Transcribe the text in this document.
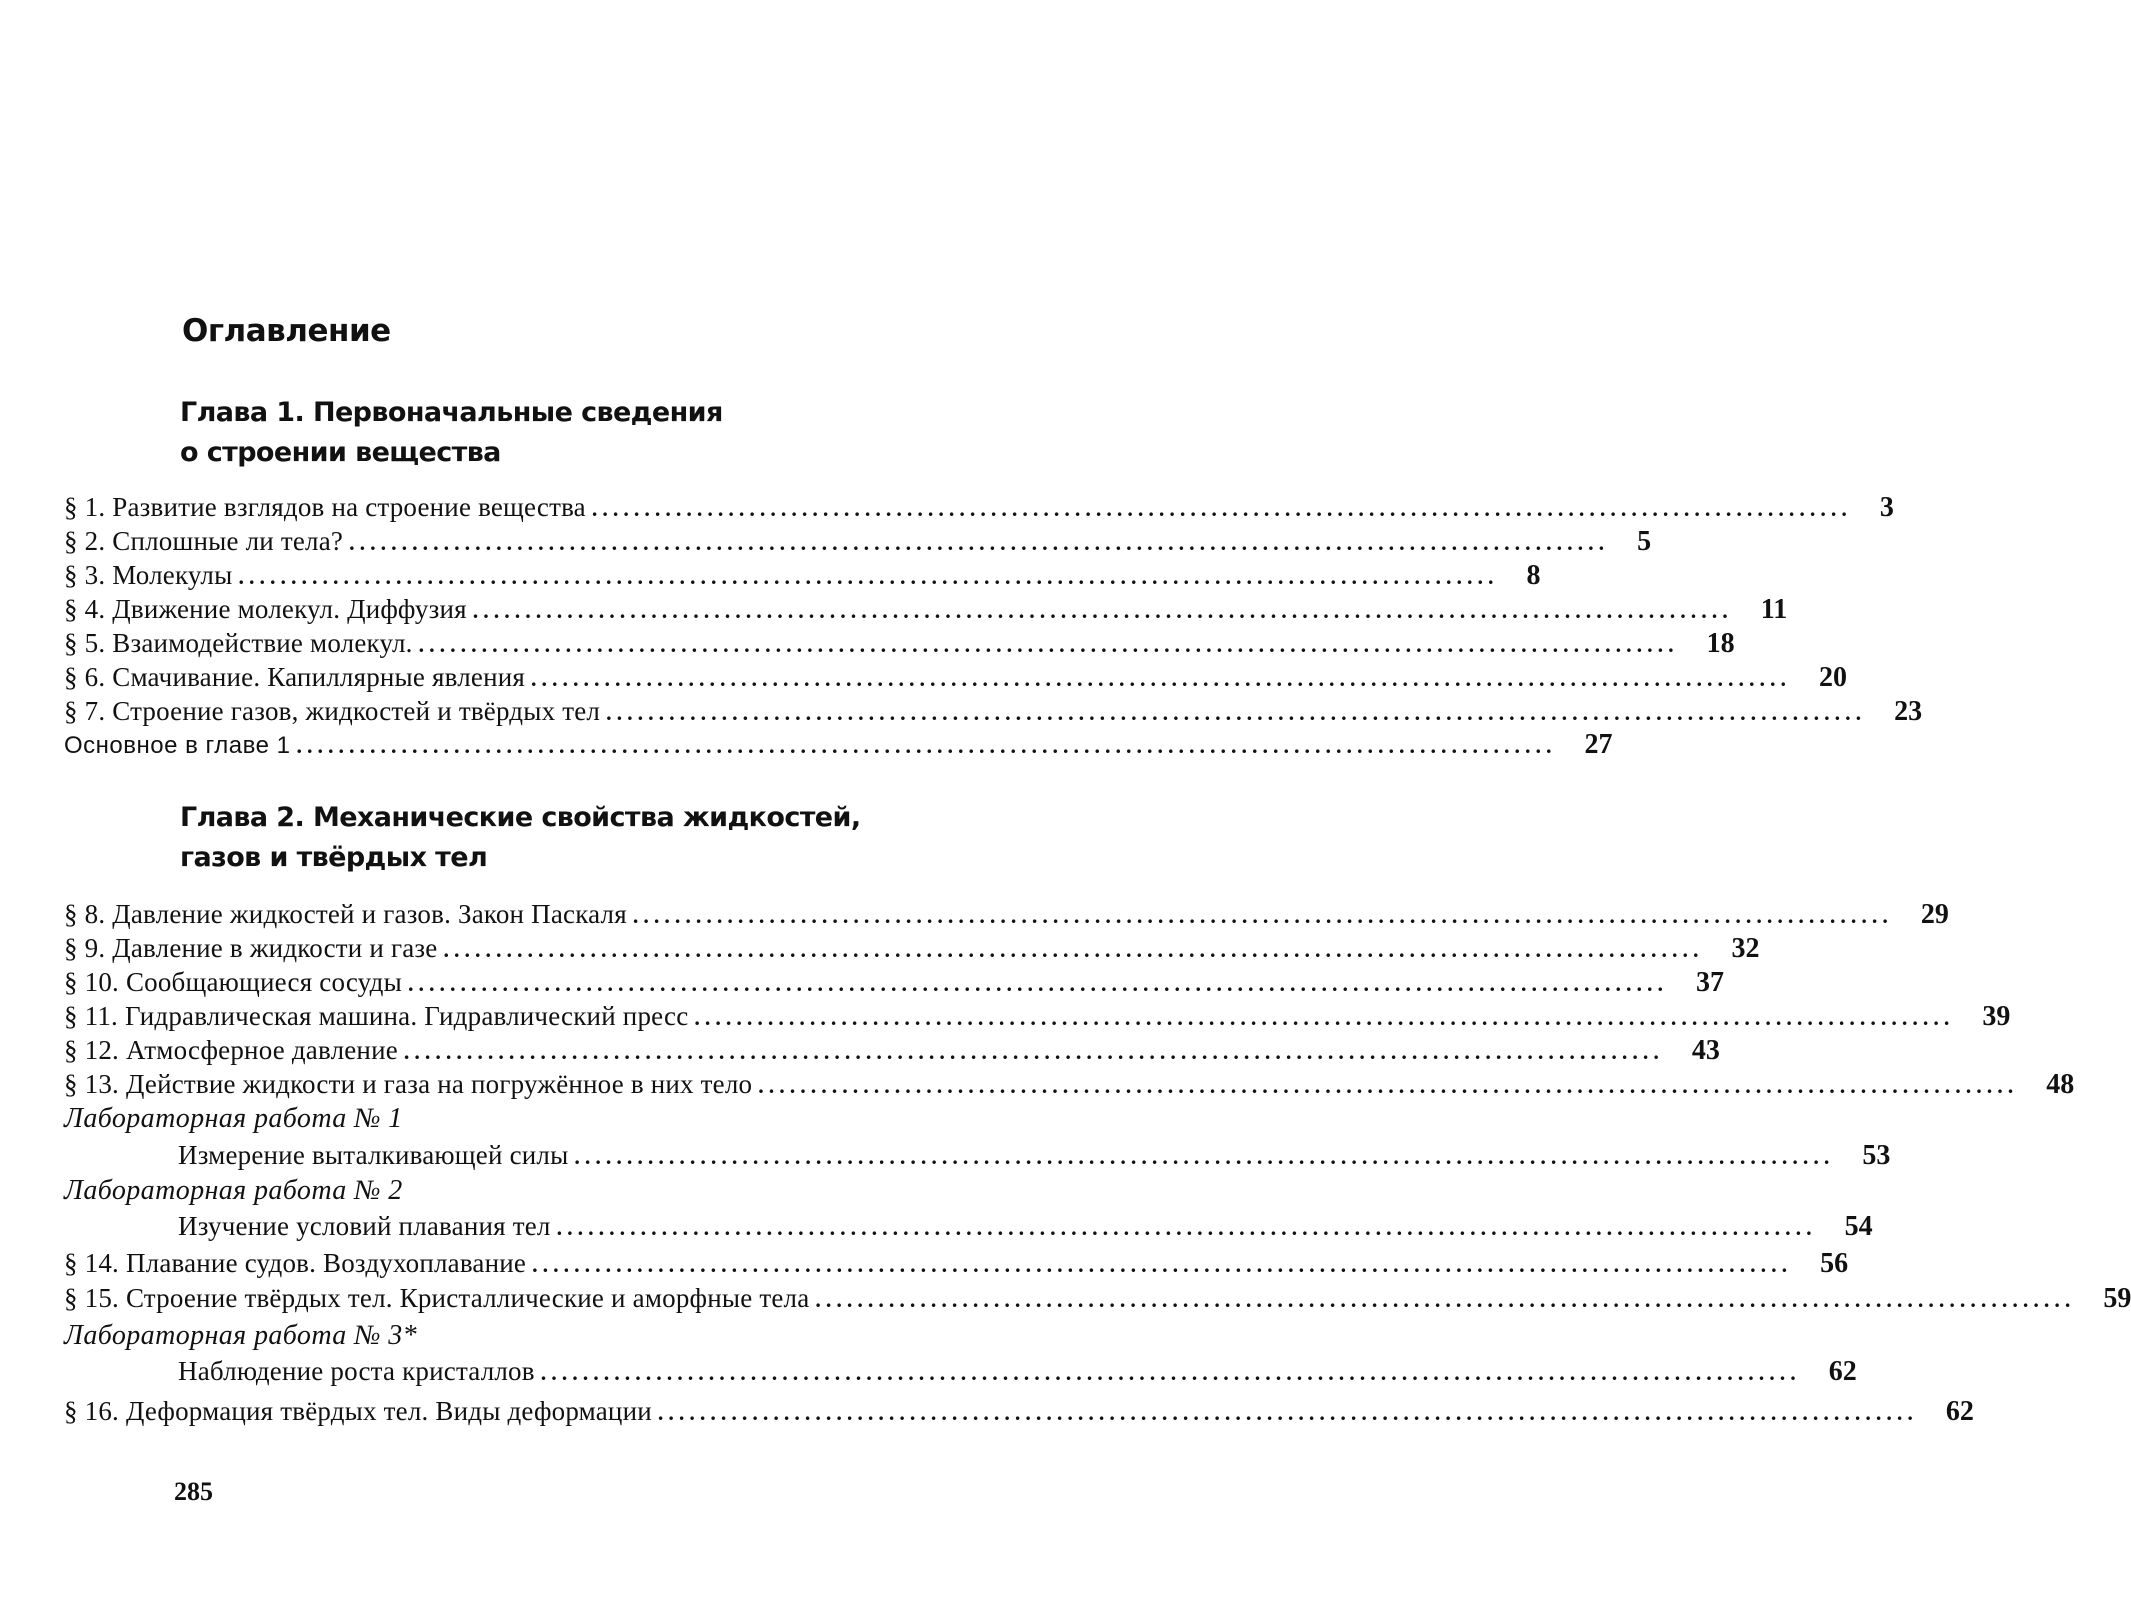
Оглавление
Глава 1. Первоначальные сведения
о строении вещества
§ 1. Развитие взглядов на строение вещества ........................................................................................................................ 3
§ 2. Сплошные ли тела? ........................................................................................................................ 5
§ 3. Молекулы ........................................................................................................................ 8
§ 4. Движение молекул. Диффузия ........................................................................................................................ 11
§ 5. Взаимодействие молекул. ........................................................................................................................ 18
§ 6. Смачивание. Капиллярные явления ........................................................................................................................ 20
§ 7. Строение газов, жидкостей и твёрдых тел ........................................................................................................................ 23
Основное в главе 1 ........................................................................................................................ 27
Глава 2. Механические свойства жидкостей,
газов и твёрдых тел
§ 8. Давление жидкостей и газов. Закон Паскаля ........................................................................................................................ 29
§ 9. Давление в жидкости и газе ........................................................................................................................ 32
§ 10. Сообщающиеся сосуды ........................................................................................................................ 37
§ 11. Гидравлическая машина. Гидравлический пресс ........................................................................................................................ 39
§ 12. Атмосферное давление ........................................................................................................................ 43
§ 13. Действие жидкости и газа на погружённое в них тело ........................................................................................................................ 48
Лабораторная работа № 1
Измерение выталкивающей силы ........................................................................................................................ 53
Лабораторная работа № 2
Изучение условий плавания тел ........................................................................................................................ 54
§ 14. Плавание судов. Воздухоплавание ........................................................................................................................ 56
§ 15. Строение твёрдых тел. Кристаллические и аморфные тела ........................................................................................................................ 59
Лабораторная работа № 3*
Наблюдение роста кристаллов ........................................................................................................................ 62
§ 16. Деформация твёрдых тел. Виды деформации ........................................................................................................................ 62
285
